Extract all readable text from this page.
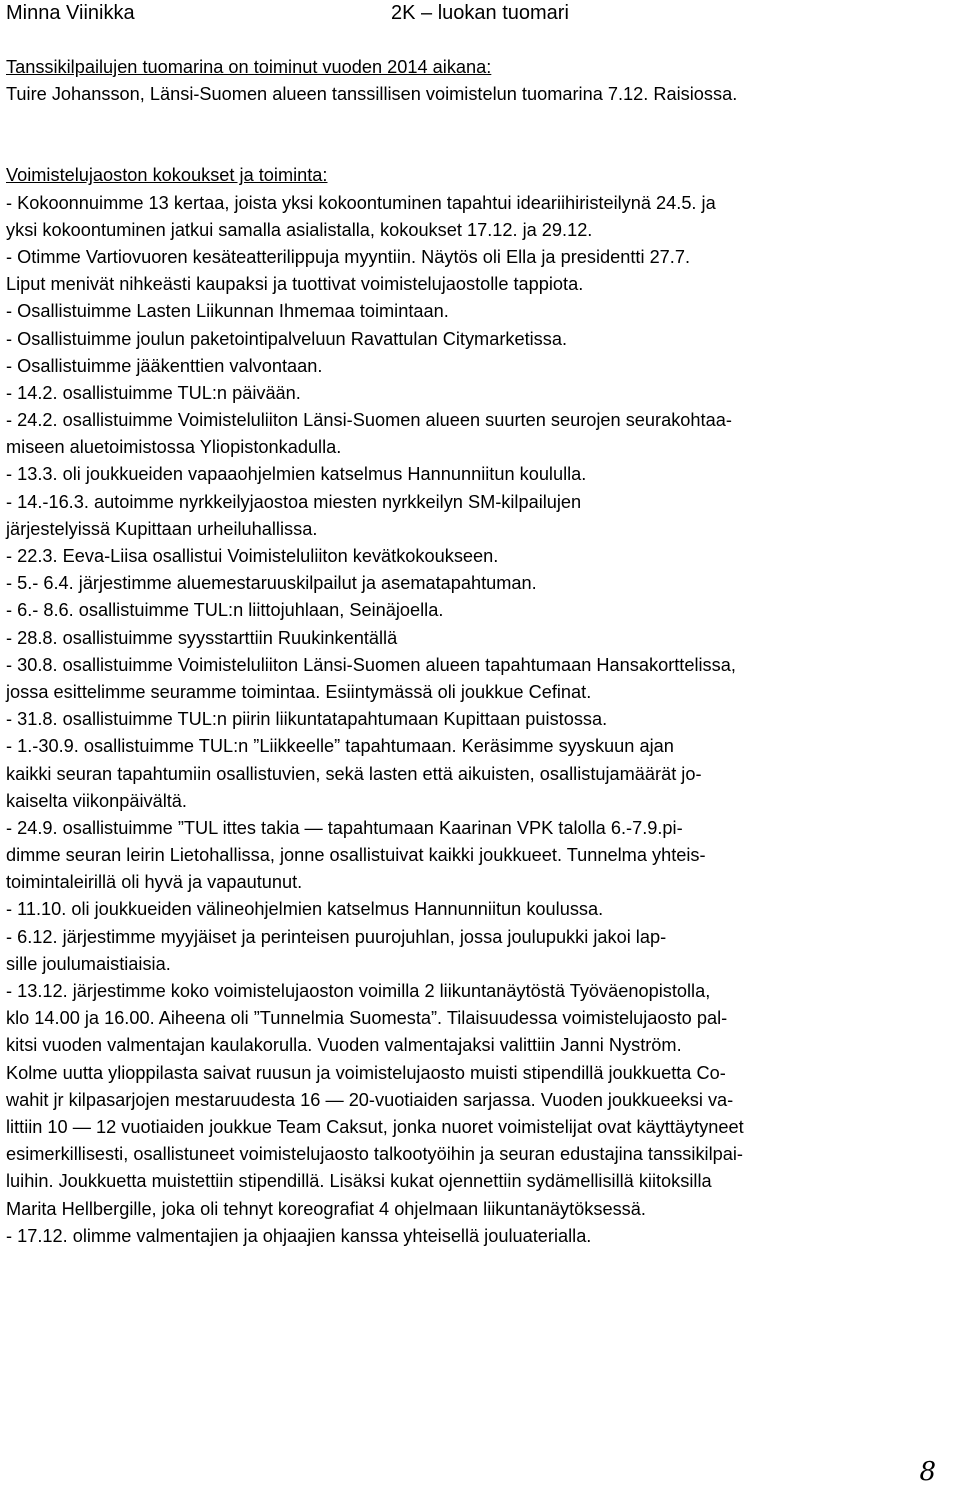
Minna Viinikka	2K – luokan tuomari
Tanssikilpailujen tuomarina on toiminut vuoden 2014 aikana:
Tuire Johansson, Länsi-Suomen alueen tanssillisen voimistelun tuomarina 7.12. Raisiossa.
Voimistelujaoston kokoukset ja toiminta:
- Kokoonnuimme 13 kertaa, joista yksi kokoontuminen tapahtui ideariihiristeilynä 24.5. ja
yksi kokoontuminen jatkui samalla asialistalla, kokoukset 17.12. ja 29.12.
- Otimme Vartiovuoren kesäteatterilippuja myyntiin. Näytös oli Ella ja presidentti 27.7.
Liput menivät nihkeästi kaupaksi ja tuottivat voimistelujaostolle tappiota.
- Osallistuimme Lasten Liikunnan Ihmemaa toimintaan.
- Osallistuimme joulun paketointipalveluun Ravattulan Citymarketissa.
- Osallistuimme jääkenttien valvontaan.
- 14.2. osallistuimme TUL:n päivään.
- 24.2. osallistuimme Voimisteluliiton Länsi-Suomen alueen suurten seurojen seurakohtaa-
miseen aluetoimistossa Yliopistonkadulla.
- 13.3. oli joukkueiden vapaaohjelmien katselmus Hannunniitun koululla.
- 14.-16.3. autoimme nyrkkeilyjaostoa miesten nyrkkeilyn SM-kilpailujen
järjestelyissä Kupittaan urheiluhallissa.
- 22.3. Eeva-Liisa osallistui Voimisteluliiton kevätkokoukseen.
- 5.- 6.4. järjestimme aluemestaruuskilpailut ja asematapahtuman.
- 6.- 8.6. osallistuimme TUL:n liittojuhlaan, Seinäjoella.
- 28.8. osallistuimme syysstarttiin Ruukinkentällä
- 30.8. osallistuimme Voimisteluliiton Länsi-Suomen alueen tapahtumaan Hansakorttelissa,
jossa esittelimme seuramme toimintaa. Esiintymässä oli joukkue Cefinat.
- 31.8. osallistuimme TUL:n piirin liikuntatapahtumaan Kupittaan puistossa.
- 1.-30.9. osallistuimme TUL:n ”Liikkeelle” tapahtumaan. Keräsimme syyskuun ajan
kaikki seuran tapahtumiin osallistuvien, sekä lasten että aikuisten, osallistujamäärät jo-
kaiselta viikonpäivältä.
- 24.9. osallistuimme ”TUL ittes takia — tapahtumaan Kaarinan VPK talolla 6.-7.9.pi-
dimme seuran leirin Lietohallissa, jonne osallistuivat kaikki joukkueet. Tunnelma yhteis-
toimintaleirillä oli hyvä ja vapautunut.
- 11.10. oli joukkueiden välineohjelmien katselmus Hannunniitun koulussa.
- 6.12. järjestimme myyjäiset ja perinteisen puurojuhlan, jossa joulupukki jakoi lap-
sille joulumaistiaisia.
- 13.12. järjestimme koko voimistelujaoston voimilla 2 liikuntanäytöstä Työväenopistolla,
klo 14.00 ja 16.00. Aiheena oli ”Tunnelmia Suomesta”. Tilaisuudessa voimistelujaosto pal-
kitsi vuoden valmentajan kaulakorulla. Vuoden valmentajaksi valittiin Janni Nyström.
Kolme uutta ylioppilasta saivat ruusun ja voimistelujaosto muisti stipendillä joukkuetta Co-
wahit jr kilpasarjojen mestaruudesta 16 — 20-vuotiaiden sarjassa. Vuoden joukkueeksi va-
littiin 10 — 12 vuotiaiden joukkue Team Caksut, jonka nuoret voimistelijat ovat käyttäytyneet
esimerkillisesti, osallistuneet voimistelujaosto talkootyöihin ja seuran edustajina tanssikilpai-
luihin. Joukkuetta muistettiin stipendillä. Lisäksi kukat ojennettiin sydämellisillä kiitoksilla
Marita Hellbergille, joka oli tehnyt koreografiat 4 ohjelmaan liikuntanäytöksessä.
- 17.12. olimme valmentajien ja ohjaajien kanssa yhteisellä jouluaterialla.
8
